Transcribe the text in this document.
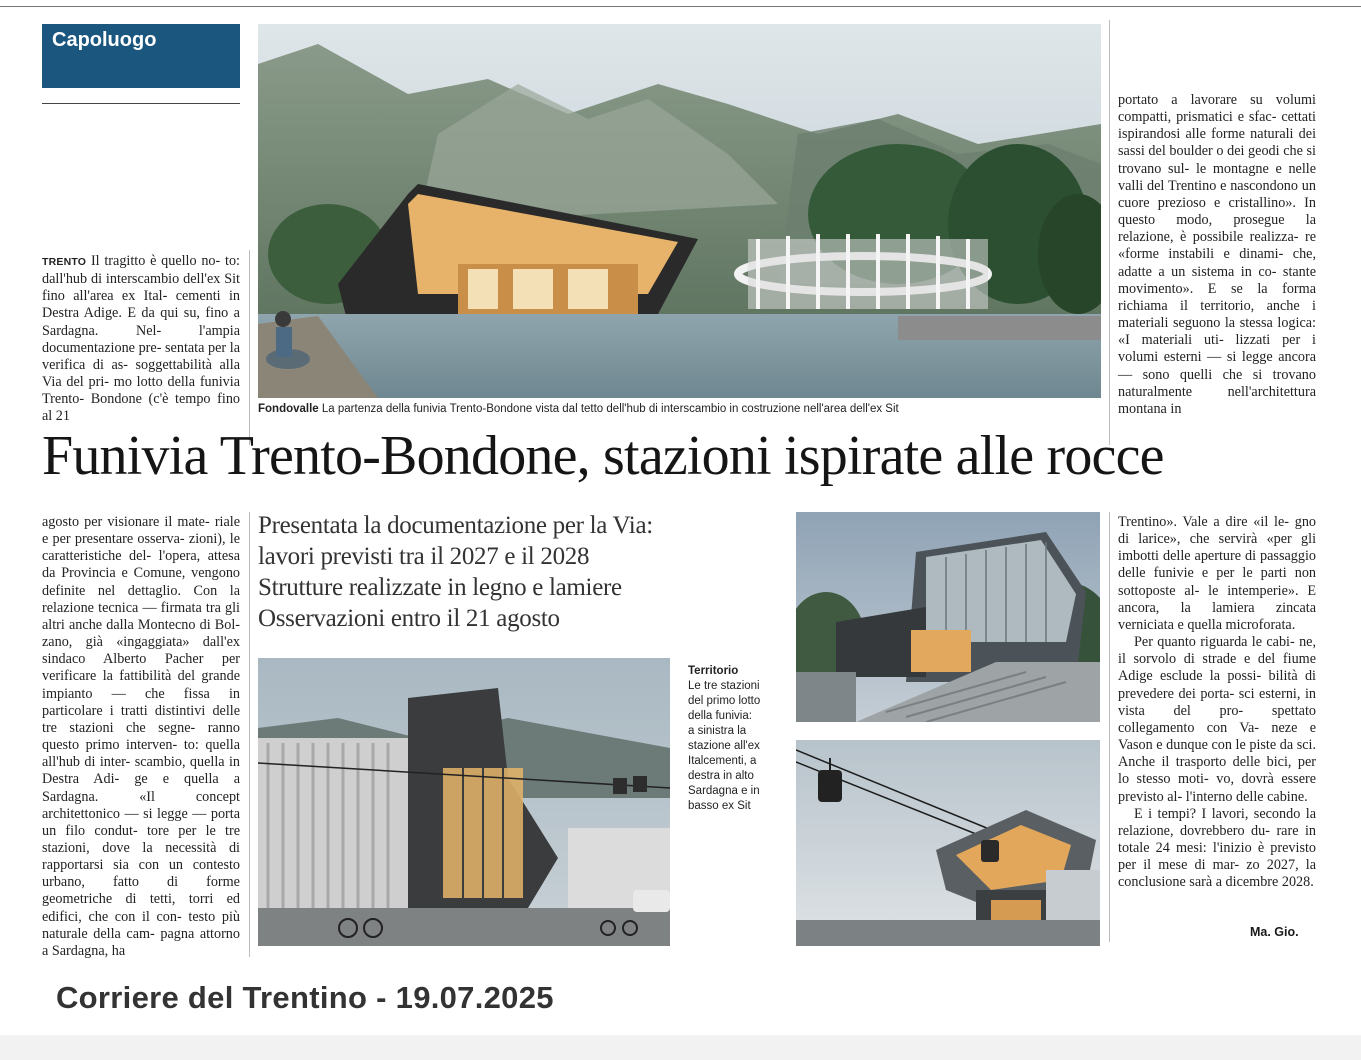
Capoluogo

TRENTO Il tragitto è quello no- to: dall'hub di interscambio dell'ex Sit fino all'area ex Ital- cementi in Destra Adige. E da qui su, fino a Sardagna. Nel-	l'ampia documentazione pre- sentata per la verifica di as- soggettabilità alla Via del pri- mo lotto della funivia Trento- Bondone (c'è tempo fino al 21	Fondovalle La partenza della funivia Trento-Bondone vista dal tetto dell'hub di interscambio in costruzione nell'area dell'ex Sit

portato a lavorare su volumi compatti, prismatici e sfac- cettati ispirandosi alle forme naturali dei sassi del boulder o dei geodi che si trovano sul- le montagne e nelle valli del Trentino e nascondono un cuore prezioso e cristallino». In questo modo, prosegue la relazione, è possibile realizza- re «forme instabili e dinami- che, adatte a un sistema in co- stante movimento». E se la forma richiama il territorio, anche i materiali seguono la stessa logica: «I materiali uti- lizzati per i volumi esterni — si legge ancora — sono quelli che si trovano naturalmente	nell'architettura montana in

Funivia Trento-Bondone, stazioni ispirate alle rocce

agosto per visionare il mate- riale e per presentare osserva- zioni), le caratteristiche del- l'opera, attesa da Provincia e Comune, vengono definite nel dettaglio. Con la relazione tecnica — firmata tra gli altri anche dalla Montecno di Bol- zano, già «ingaggiata» dall'ex sindaco Alberto Pacher per verificare la fattibilità del grande impianto — che fissa in particolare i tratti distintivi delle tre stazioni che segne- ranno questo primo interven- to: quella all'hub di inter- scambio, quella in Destra Adi- ge e quella a Sardagna. «Il	concept architettonico — si legge — porta un filo condut- tore per le tre stazioni, dove la necessità di rapportarsi sia con un contesto urbano, fatto di forme geometriche di tetti, torri ed edifici, che con il con- testo più naturale della cam- pagna attorno a Sardagna, ha

Presentata la documentazione per la Via:
lavori previsti tra il 2027 e il 2028
Strutture realizzate in legno e lamiere
Osservazioni entro il 21 agosto
Territorio
Le tre stazioni
del primo lotto
della funivia:
a sinistra la
stazione all'ex
Italcementi, a
destra in alto
Sardagna e in
basso ex Sit

Trentino». Vale a dire «il le- gno di larice», che servirà «per gli imbotti delle aperture di passaggio delle funivie e per le parti non sottoposte al- le intemperie». E ancora, la lamiera zincata verniciata e quella microforata.

Per quanto riguarda le cabi- ne, il sorvolo di strade e del fiume Adige esclude la possi- bilità di prevedere dei porta- sci esterni, in vista del pro- spettato collegamento con Va- neze e Vason e dunque con le piste da sci. Anche il trasporto delle bici, per lo stesso moti- vo, dovrà essere previsto al- l'interno delle cabine.

E i tempi? I lavori, secondo la relazione, dovrebbero du- rare in totale 24 mesi: l'inizio è previsto per il mese di mar- zo 2027, la conclusione sarà a dicembre 2028.

Ma. Gio.
Corriere del Trentino - 19.07.2025
